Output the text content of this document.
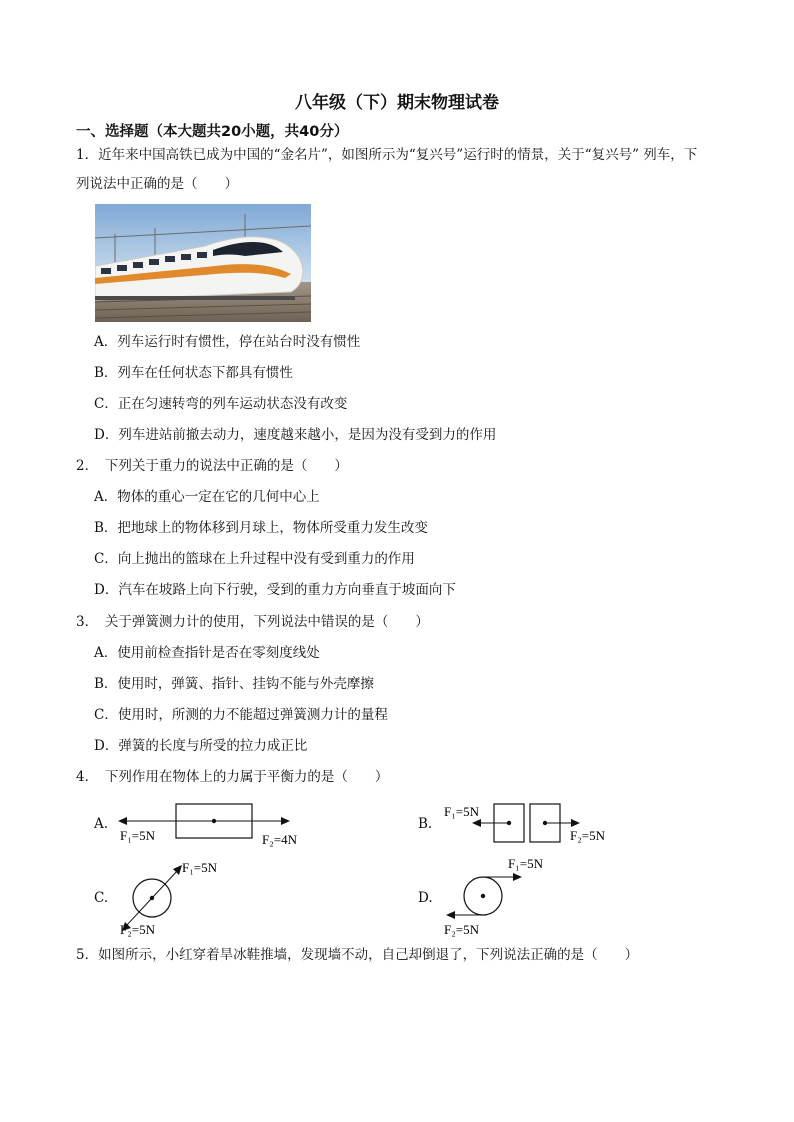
八年级（下）期末物理试卷
一、选择题（本大题共20小题，共40分）
1．近年来中国高铁已成为中国的“金名片”，如图所示为“复兴号”运行时的情景，关于“复兴号” 列车，下
列说法中正确的是（　　）
A．列车运行时有惯性，停在站台时没有惯性
B．列车在任何状态下都具有惯性
C．正在匀速转弯的列车运动状态没有改变
D．列车进站前撤去动力，速度越来越小，是因为没有受到力的作用
2．　下列关于重力的说法中正确的是（　　）
A．物体的重心一定在它的几何中心上
B．把地球上的物体移到月球上，物体所受重力发生改变
C．向上抛出的篮球在上升过程中没有受到重力的作用
D．汽车在坡路上向下行驶，受到的重力方向垂直于坡面向下
3．　关于弹簧测力计的使用，下列说法中错误的是（　　）
A．使用前检查指针是否在零刻度线处
B．使用时，弹簧、指针、挂钩不能与外壳摩擦
C．使用时，所测的力不能超过弹簧测力计的量程
D．弹簧的长度与所受的拉力成正比
4．　下列作用在物体上的力属于平衡力的是（　　）
A.
F₁=5N	F₂=4N
B.
F₁=5N
F₂=5N
C.
F₁=5N
F₂=5N
D.
F₁=5N
F₂=5N
5．如图所示，小红穿着旱冰鞋推墙，发现墙不动，自己却倒退了，下列说法正确的是（　　）
